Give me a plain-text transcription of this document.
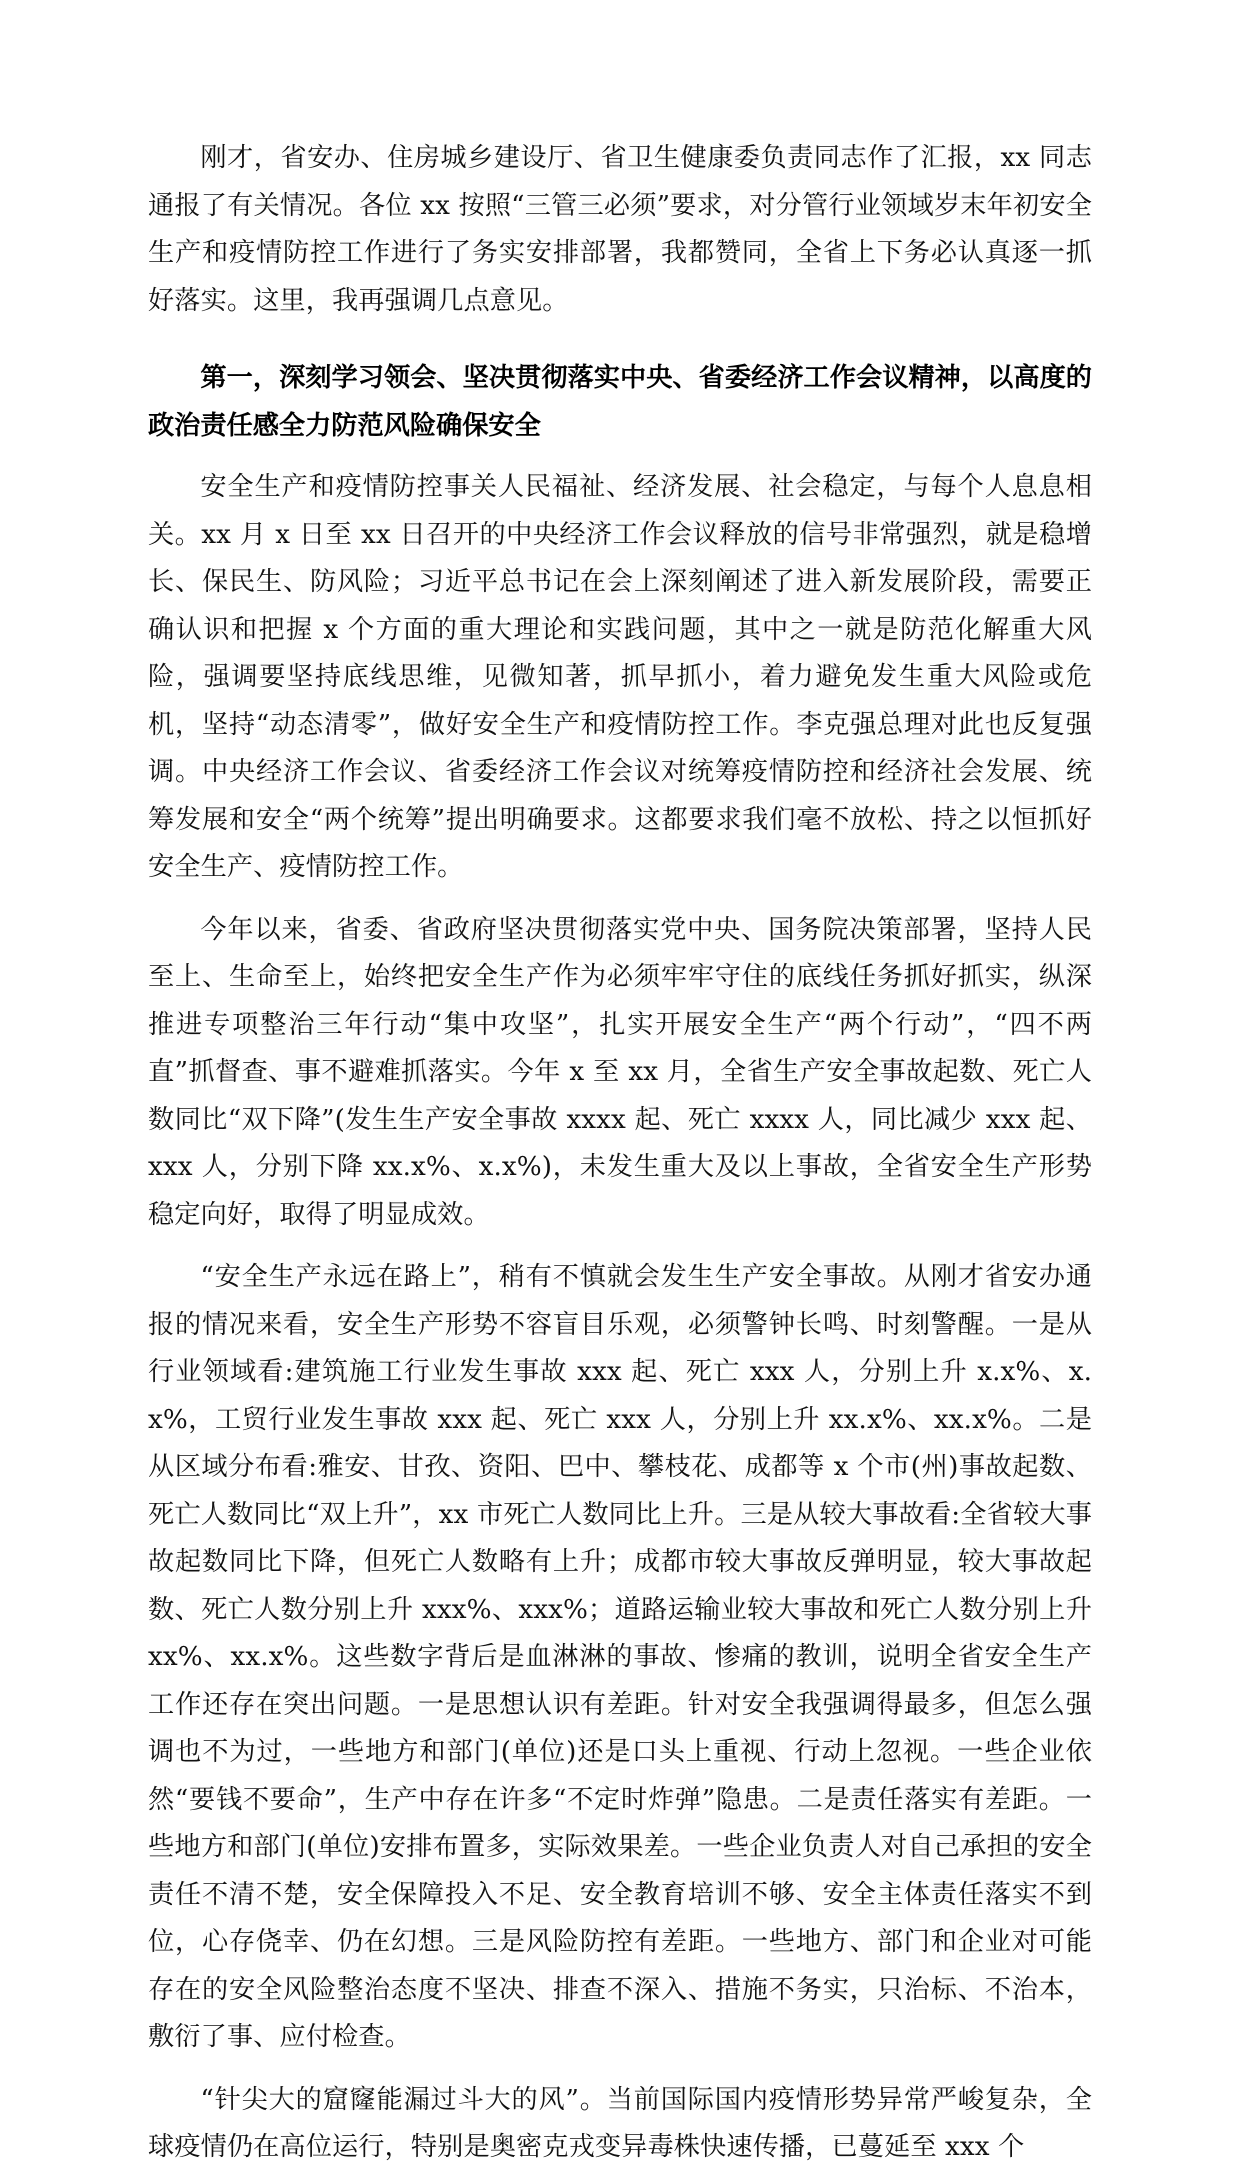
刚才，省安办、住房城乡建设厅、省卫生健康委负责同志作了汇报，xx 同志通报了有关情况。各位 xx 按照“三管三必须”要求，对分管行业领域岁末年初安全生产和疫情防控工作进行了务实安排部署，我都赞同，全省上下务必认真逐一抓好落实。这里，我再强调几点意见。

第一，深刻学习领会、坚决贯彻落实中央、省委经济工作会议精神，以高度的政治责任感全力防范风险确保安全

安全生产和疫情防控事关人民福祉、经济发展、社会稳定，与每个人息息相关。xx 月 x 日至 xx 日召开的中央经济工作会议释放的信号非常强烈，就是稳增长、保民生、防风险；习近平总书记在会上深刻阐述了进入新发展阶段，需要正确认识和把握 x 个方面的重大理论和实践问题，其中之一就是防范化解重大风险，强调要坚持底线思维，见微知著，抓早抓小，着力避免发生重大风险或危机，坚持“动态清零”，做好安全生产和疫情防控工作。李克强总理对此也反复强调。中央经济工作会议、省委经济工作会议对统筹疫情防控和经济社会发展、统筹发展和安全“两个统筹”提出明确要求。这都要求我们毫不放松、持之以恒抓好安全生产、疫情防控工作。

今年以来，省委、省政府坚决贯彻落实党中央、国务院决策部署，坚持人民至上、生命至上，始终把安全生产作为必须牢牢守住的底线任务抓好抓实，纵深推进专项整治三年行动“集中攻坚”，扎实开展安全生产“两个行动”，“四不两直”抓督查、事不避难抓落实。今年 x 至 xx 月，全省生产安全事故起数、死亡人数同比“双下降”(发生生产安全事故 xxxx 起、死亡 xxxx 人，同比减少 xxx 起、xxx 人，分别下降 xx.x%、x.x%)，未发生重大及以上事故，全省安全生产形势稳定向好，取得了明显成效。

“安全生产永远在路上”，稍有不慎就会发生生产安全事故。从刚才省安办通报的情况来看，安全生产形势不容盲目乐观，必须警钟长鸣、时刻警醒。一是从行业领域看:建筑施工行业发生事故 xxx 起、死亡 xxx 人，分别上升 x.x%、x.x%，工贸行业发生事故 xxx 起、死亡 xxx 人，分别上升 xx.x%、xx.x%。二是从区域分布看:雅安、甘孜、资阳、巴中、攀枝花、成都等 x 个市(州)事故起数、死亡人数同比“双上升”，xx 市死亡人数同比上升。三是从较大事故看:全省较大事故起数同比下降，但死亡人数略有上升；成都市较大事故反弹明显，较大事故起数、死亡人数分别上升 xxx%、xxx%；道路运输业较大事故和死亡人数分别上升 xx%、xx.x%。这些数字背后是血淋淋的事故、惨痛的教训，说明全省安全生产工作还存在突出问题。一是思想认识有差距。针对安全我强调得最多，但怎么强调也不为过，一些地方和部门(单位)还是口头上重视、行动上忽视。一些企业依然“要钱不要命”，生产中存在许多“不定时炸弹”隐患。二是责任落实有差距。一些地方和部门(单位)安排布置多，实际效果差。一些企业负责人对自己承担的安全责任不清不楚，安全保障投入不足、安全教育培训不够、安全主体责任落实不到位，心存侥幸、仍在幻想。三是风险防控有差距。一些地方、部门和企业对可能存在的安全风险整治态度不坚决、排查不深入、措施不务实，只治标、不治本，敷衍了事、应付检查。

“针尖大的窟窿能漏过斗大的风”。当前国际国内疫情形势异常严峻复杂，全球疫情仍在高位运行，特别是奥密克戎变异毒株快速传播，已蔓延至 xxx 个
